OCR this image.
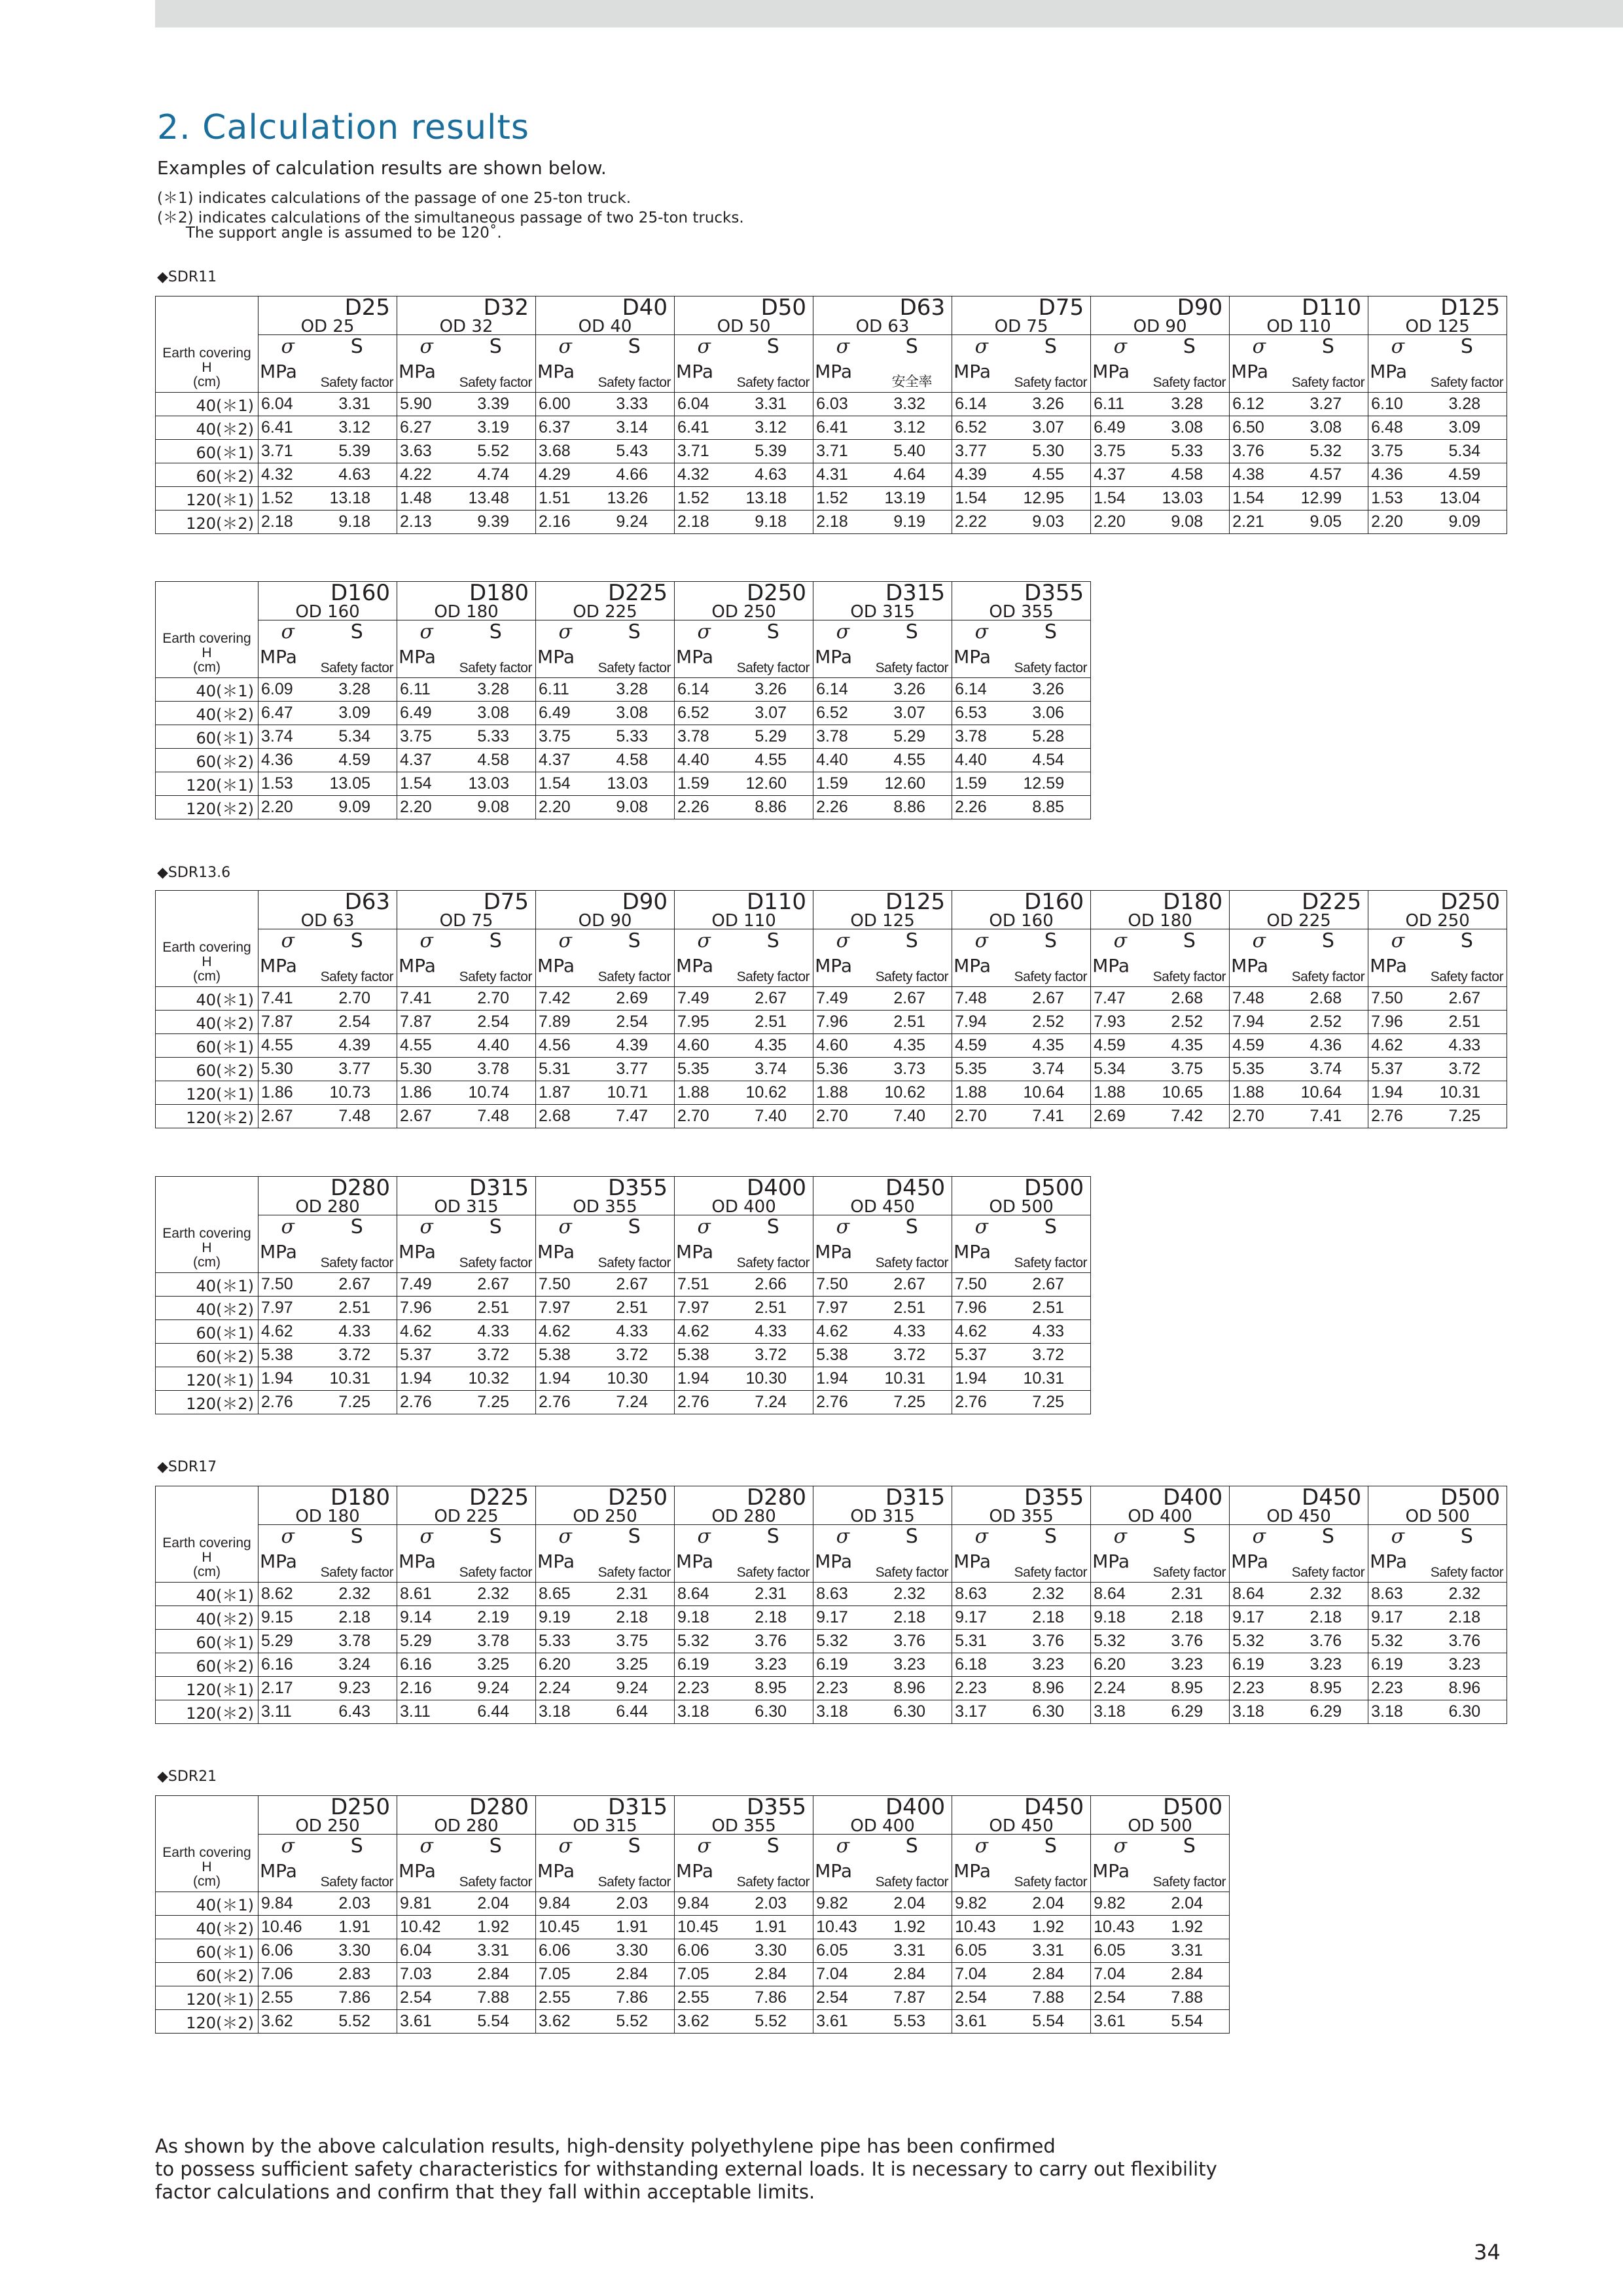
2. Calculation results
Examples of calculation results are shown below.
(＊1) indicates calculations of the passage of one 25-ton truck.
(＊2) indicates calculations of the simultaneous passage of two 25-ton trucks.
The support angle is assumed to be 120˚.
◆SDR11
◆SDR13.6
◆SDR17
◆SDR21
Earth covering
H
(cm)	D25		D32		D40		D50		D63		D75		D90		D110		D125	

	OD 25		OD 32		OD 40		OD 50		OD 63		OD 75		OD 90		OD 110		OD 125	
	σ	S	σ	S	σ	S	σ	S	σ	S	σ	S	σ	S	σ	S	σ	S
	MPa	Safety factor	MPa	Safety factor	MPa	Safety factor	MPa	Safety factor	MPa	安全率	MPa	Safety factor	MPa	Safety factor	MPa	Safety factor	MPa	Safety factor
40(＊1)	6.04	3.31	5.90	3.39	6.00	3.33	6.04	3.31	6.03	3.32	6.14	3.26	6.11	3.28	6.12	3.27	6.10	3.28
40(＊2)	6.41	3.12	6.27	3.19	6.37	3.14	6.41	3.12	6.41	3.12	6.52	3.07	6.49	3.08	6.50	3.08	6.48	3.09
60(＊1)	3.71	5.39	3.63	5.52	3.68	5.43	3.71	5.39	3.71	5.40	3.77	5.30	3.75	5.33	3.76	5.32	3.75	5.34
60(＊2)	4.32	4.63	4.22	4.74	4.29	4.66	4.32	4.63	4.31	4.64	4.39	4.55	4.37	4.58	4.38	4.57	4.36	4.59
120(＊1)	1.52	13.18	1.48	13.48	1.51	13.26	1.52	13.18	1.52	13.19	1.54	12.95	1.54	13.03	1.54	12.99	1.53	13.04
120(＊2)	2.18	9.18	2.13	9.39	2.16	9.24	2.18	9.18	2.18	9.19	2.22	9.03	2.20	9.08	2.21	9.05	2.20	9.09
Earth covering
H
(cm)	D160		D180		D225		D250		D315		D355	

	OD 160		OD 180		OD 225		OD 250		OD 315		OD 355	
	σ	S	σ	S	σ	S	σ	S	σ	S	σ	S
	MPa	Safety factor	MPa	Safety factor	MPa	Safety factor	MPa	Safety factor	MPa	Safety factor	MPa	Safety factor
40(＊1)	6.09	3.28	6.11	3.28	6.11	3.28	6.14	3.26	6.14	3.26	6.14	3.26
40(＊2)	6.47	3.09	6.49	3.08	6.49	3.08	6.52	3.07	6.52	3.07	6.53	3.06
60(＊1)	3.74	5.34	3.75	5.33	3.75	5.33	3.78	5.29	3.78	5.29	3.78	5.28
60(＊2)	4.36	4.59	4.37	4.58	4.37	4.58	4.40	4.55	4.40	4.55	4.40	4.54
120(＊1)	1.53	13.05	1.54	13.03	1.54	13.03	1.59	12.60	1.59	12.60	1.59	12.59
120(＊2)	2.20	9.09	2.20	9.08	2.20	9.08	2.26	8.86	2.26	8.86	2.26	8.85
Earth covering
H
(cm)	D63		D75		D90		D110		D125		D160		D180		D225		D250	

	OD 63		OD 75		OD 90		OD 110		OD 125		OD 160		OD 180		OD 225		OD 250	
	σ	S	σ	S	σ	S	σ	S	σ	S	σ	S	σ	S	σ	S	σ	S
	MPa	Safety factor	MPa	Safety factor	MPa	Safety factor	MPa	Safety factor	MPa	Safety factor	MPa	Safety factor	MPa	Safety factor	MPa	Safety factor	MPa	Safety factor
40(＊1)	7.41	2.70	7.41	2.70	7.42	2.69	7.49	2.67	7.49	2.67	7.48	2.67	7.47	2.68	7.48	2.68	7.50	2.67
40(＊2)	7.87	2.54	7.87	2.54	7.89	2.54	7.95	2.51	7.96	2.51	7.94	2.52	7.93	2.52	7.94	2.52	7.96	2.51
60(＊1)	4.55	4.39	4.55	4.40	4.56	4.39	4.60	4.35	4.60	4.35	4.59	4.35	4.59	4.35	4.59	4.36	4.62	4.33
60(＊2)	5.30	3.77	5.30	3.78	5.31	3.77	5.35	3.74	5.36	3.73	5.35	3.74	5.34	3.75	5.35	3.74	5.37	3.72
120(＊1)	1.86	10.73	1.86	10.74	1.87	10.71	1.88	10.62	1.88	10.62	1.88	10.64	1.88	10.65	1.88	10.64	1.94	10.31
120(＊2)	2.67	7.48	2.67	7.48	2.68	7.47	2.70	7.40	2.70	7.40	2.70	7.41	2.69	7.42	2.70	7.41	2.76	7.25
Earth covering
H
(cm)	D280		D315		D355		D400		D450		D500	

	OD 280		OD 315		OD 355		OD 400		OD 450		OD 500	
	σ	S	σ	S	σ	S	σ	S	σ	S	σ	S
	MPa	Safety factor	MPa	Safety factor	MPa	Safety factor	MPa	Safety factor	MPa	Safety factor	MPa	Safety factor
40(＊1)	7.50	2.67	7.49	2.67	7.50	2.67	7.51	2.66	7.50	2.67	7.50	2.67
40(＊2)	7.97	2.51	7.96	2.51	7.97	2.51	7.97	2.51	7.97	2.51	7.96	2.51
60(＊1)	4.62	4.33	4.62	4.33	4.62	4.33	4.62	4.33	4.62	4.33	4.62	4.33
60(＊2)	5.38	3.72	5.37	3.72	5.38	3.72	5.38	3.72	5.38	3.72	5.37	3.72
120(＊1)	1.94	10.31	1.94	10.32	1.94	10.30	1.94	10.30	1.94	10.31	1.94	10.31
120(＊2)	2.76	7.25	2.76	7.25	2.76	7.24	2.76	7.24	2.76	7.25	2.76	7.25
Earth covering
H
(cm)	D180		D225		D250		D280		D315		D355		D400		D450		D500	

	OD 180		OD 225		OD 250		OD 280		OD 315		OD 355		OD 400		OD 450		OD 500	
	σ	S	σ	S	σ	S	σ	S	σ	S	σ	S	σ	S	σ	S	σ	S
	MPa	Safety factor	MPa	Safety factor	MPa	Safety factor	MPa	Safety factor	MPa	Safety factor	MPa	Safety factor	MPa	Safety factor	MPa	Safety factor	MPa	Safety factor
40(＊1)	8.62	2.32	8.61	2.32	8.65	2.31	8.64	2.31	8.63	2.32	8.63	2.32	8.64	2.31	8.64	2.32	8.63	2.32
40(＊2)	9.15	2.18	9.14	2.19	9.19	2.18	9.18	2.18	9.17	2.18	9.17	2.18	9.18	2.18	9.17	2.18	9.17	2.18
60(＊1)	5.29	3.78	5.29	3.78	5.33	3.75	5.32	3.76	5.32	3.76	5.31	3.76	5.32	3.76	5.32	3.76	5.32	3.76
60(＊2)	6.16	3.24	6.16	3.25	6.20	3.25	6.19	3.23	6.19	3.23	6.18	3.23	6.20	3.23	6.19	3.23	6.19	3.23
120(＊1)	2.17	9.23	2.16	9.24	2.24	9.24	2.23	8.95	2.23	8.96	2.23	8.96	2.24	8.95	2.23	8.95	2.23	8.96
120(＊2)	3.11	6.43	3.11	6.44	3.18	6.44	3.18	6.30	3.18	6.30	3.17	6.30	3.18	6.29	3.18	6.29	3.18	6.30
Earth covering
H
(cm)	D250		D280		D315		D355		D400		D450		D500	

	OD 250		OD 280		OD 315		OD 355		OD 400		OD 450		OD 500	
	σ	S	σ	S	σ	S	σ	S	σ	S	σ	S	σ	S
	MPa	Safety factor	MPa	Safety factor	MPa	Safety factor	MPa	Safety factor	MPa	Safety factor	MPa	Safety factor	MPa	Safety factor
40(＊1)	9.84	2.03	9.81	2.04	9.84	2.03	9.84	2.03	9.82	2.04	9.82	2.04	9.82	2.04
40(＊2)	10.46	1.91	10.42	1.92	10.45	1.91	10.45	1.91	10.43	1.92	10.43	1.92	10.43	1.92
60(＊1)	6.06	3.30	6.04	3.31	6.06	3.30	6.06	3.30	6.05	3.31	6.05	3.31	6.05	3.31
60(＊2)	7.06	2.83	7.03	2.84	7.05	2.84	7.05	2.84	7.04	2.84	7.04	2.84	7.04	2.84
120(＊1)	2.55	7.86	2.54	7.88	2.55	7.86	2.55	7.86	2.54	7.87	2.54	7.88	2.54	7.88
120(＊2)	3.62	5.52	3.61	5.54	3.62	5.52	3.62	5.52	3.61	5.53	3.61	5.54	3.61	5.54
As shown by the above calculation results, high-density polyethylene pipe has been confirmed
to possess sufficient safety characteristics for withstanding external loads. It is necessary to carry out flexibility
factor calculations and confirm that they fall within acceptable limits.
34
